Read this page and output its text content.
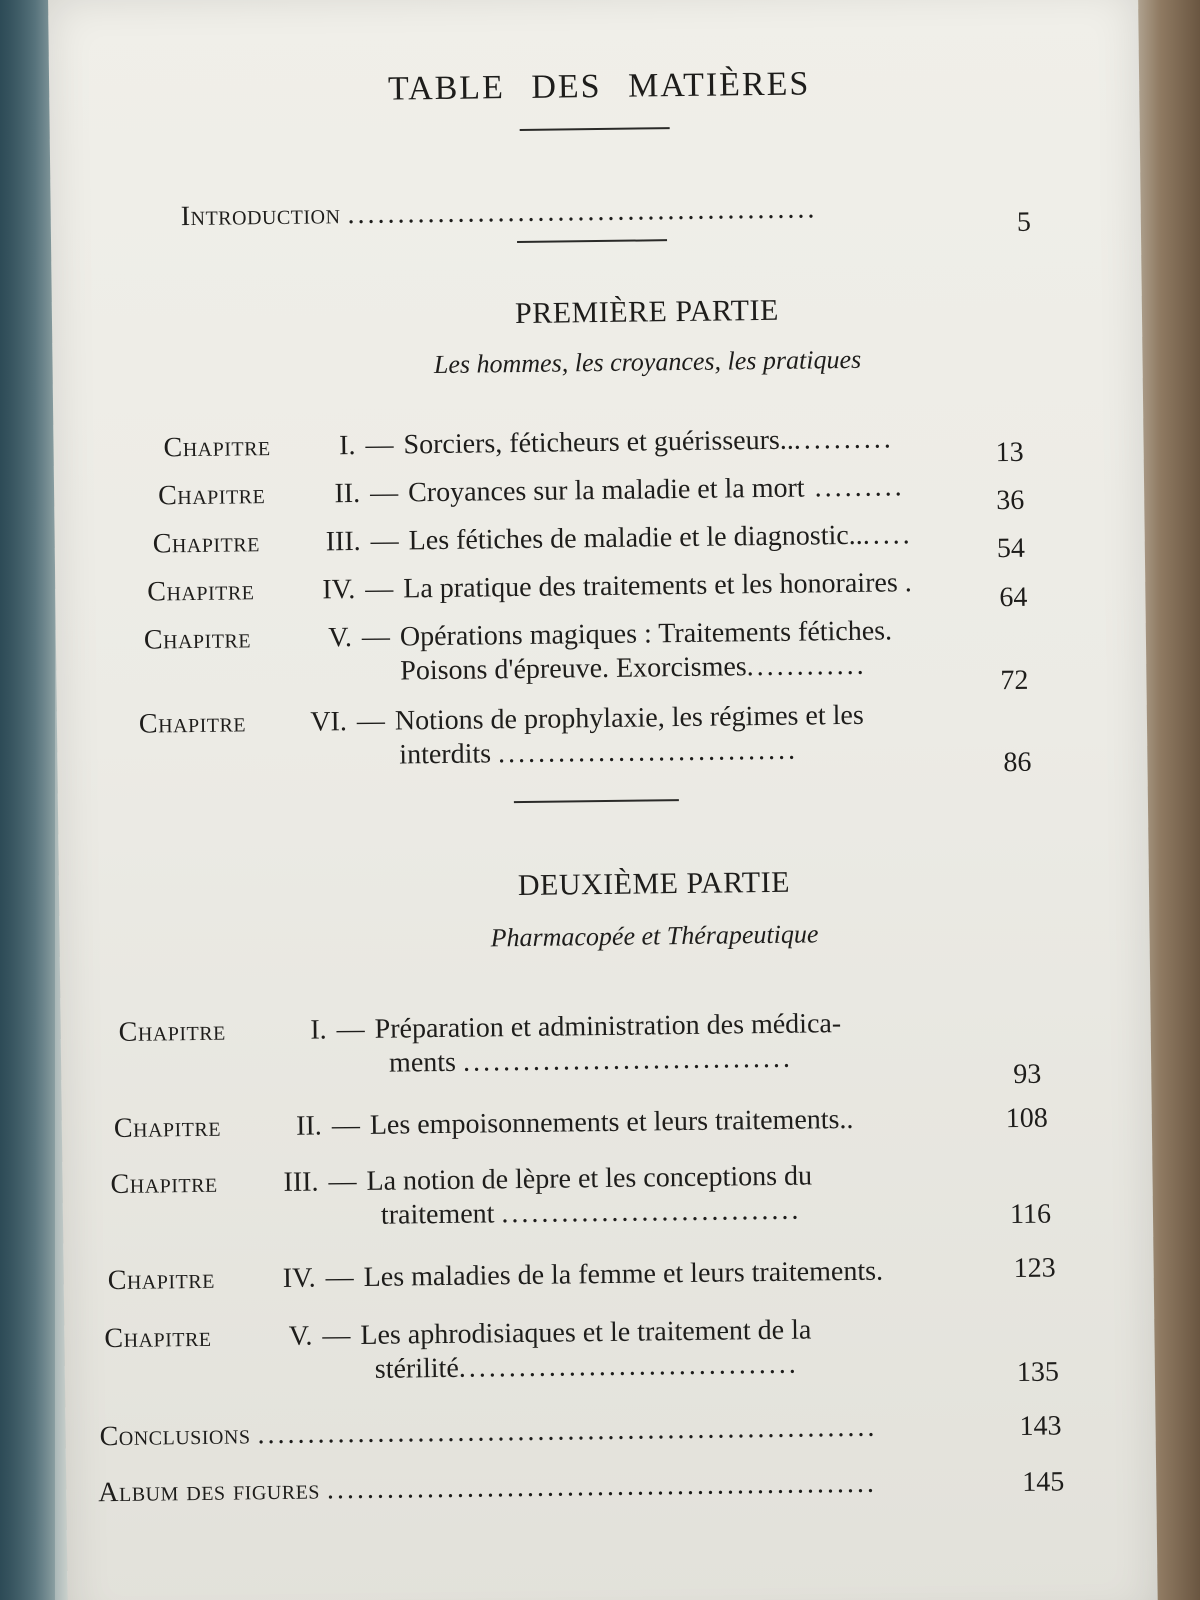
TABLE DES MATIÈRES
Introduction ...............................................	5
PREMIÈRE PARTIE
Les hommes, les croyances, les pratiques
Chapitre	I. — Sorciers, féticheurs et guérisseurs.. ..........	13
Chapitre	II. — Croyances sur la maladie et la mort .........	36
Chapitre	III. — Les fétiches de maladie et le diagnostic.. .....	54
Chapitre	IV. — La pratique des traitements et les honoraires .	64
Chapitre	V. — Opérations magiques : Traitements fétiches.
Poisons d'épreuve. Exorcismes............	72
Chapitre	VI. — Notions de prophylaxie, les régimes et les
interdits ..............................	86
DEUXIÈME PARTIE
Pharmacopée et Thérapeutique
Chapitre	I. — Préparation et administration des médica-
ments .................................	93
Chapitre	II. — Les empoisonnements et leurs traitements..	108
Chapitre	III. — La notion de lèpre et les conceptions du
traitement ..............................	116
Chapitre	IV. — Les maladies de la femme et leurs traitements.	123
Chapitre	V. — Les aphrodisiaques et le traitement de la
stérilité..................................	135
Conclusions ..............................................................	143
Album des figures .......................................................	145
